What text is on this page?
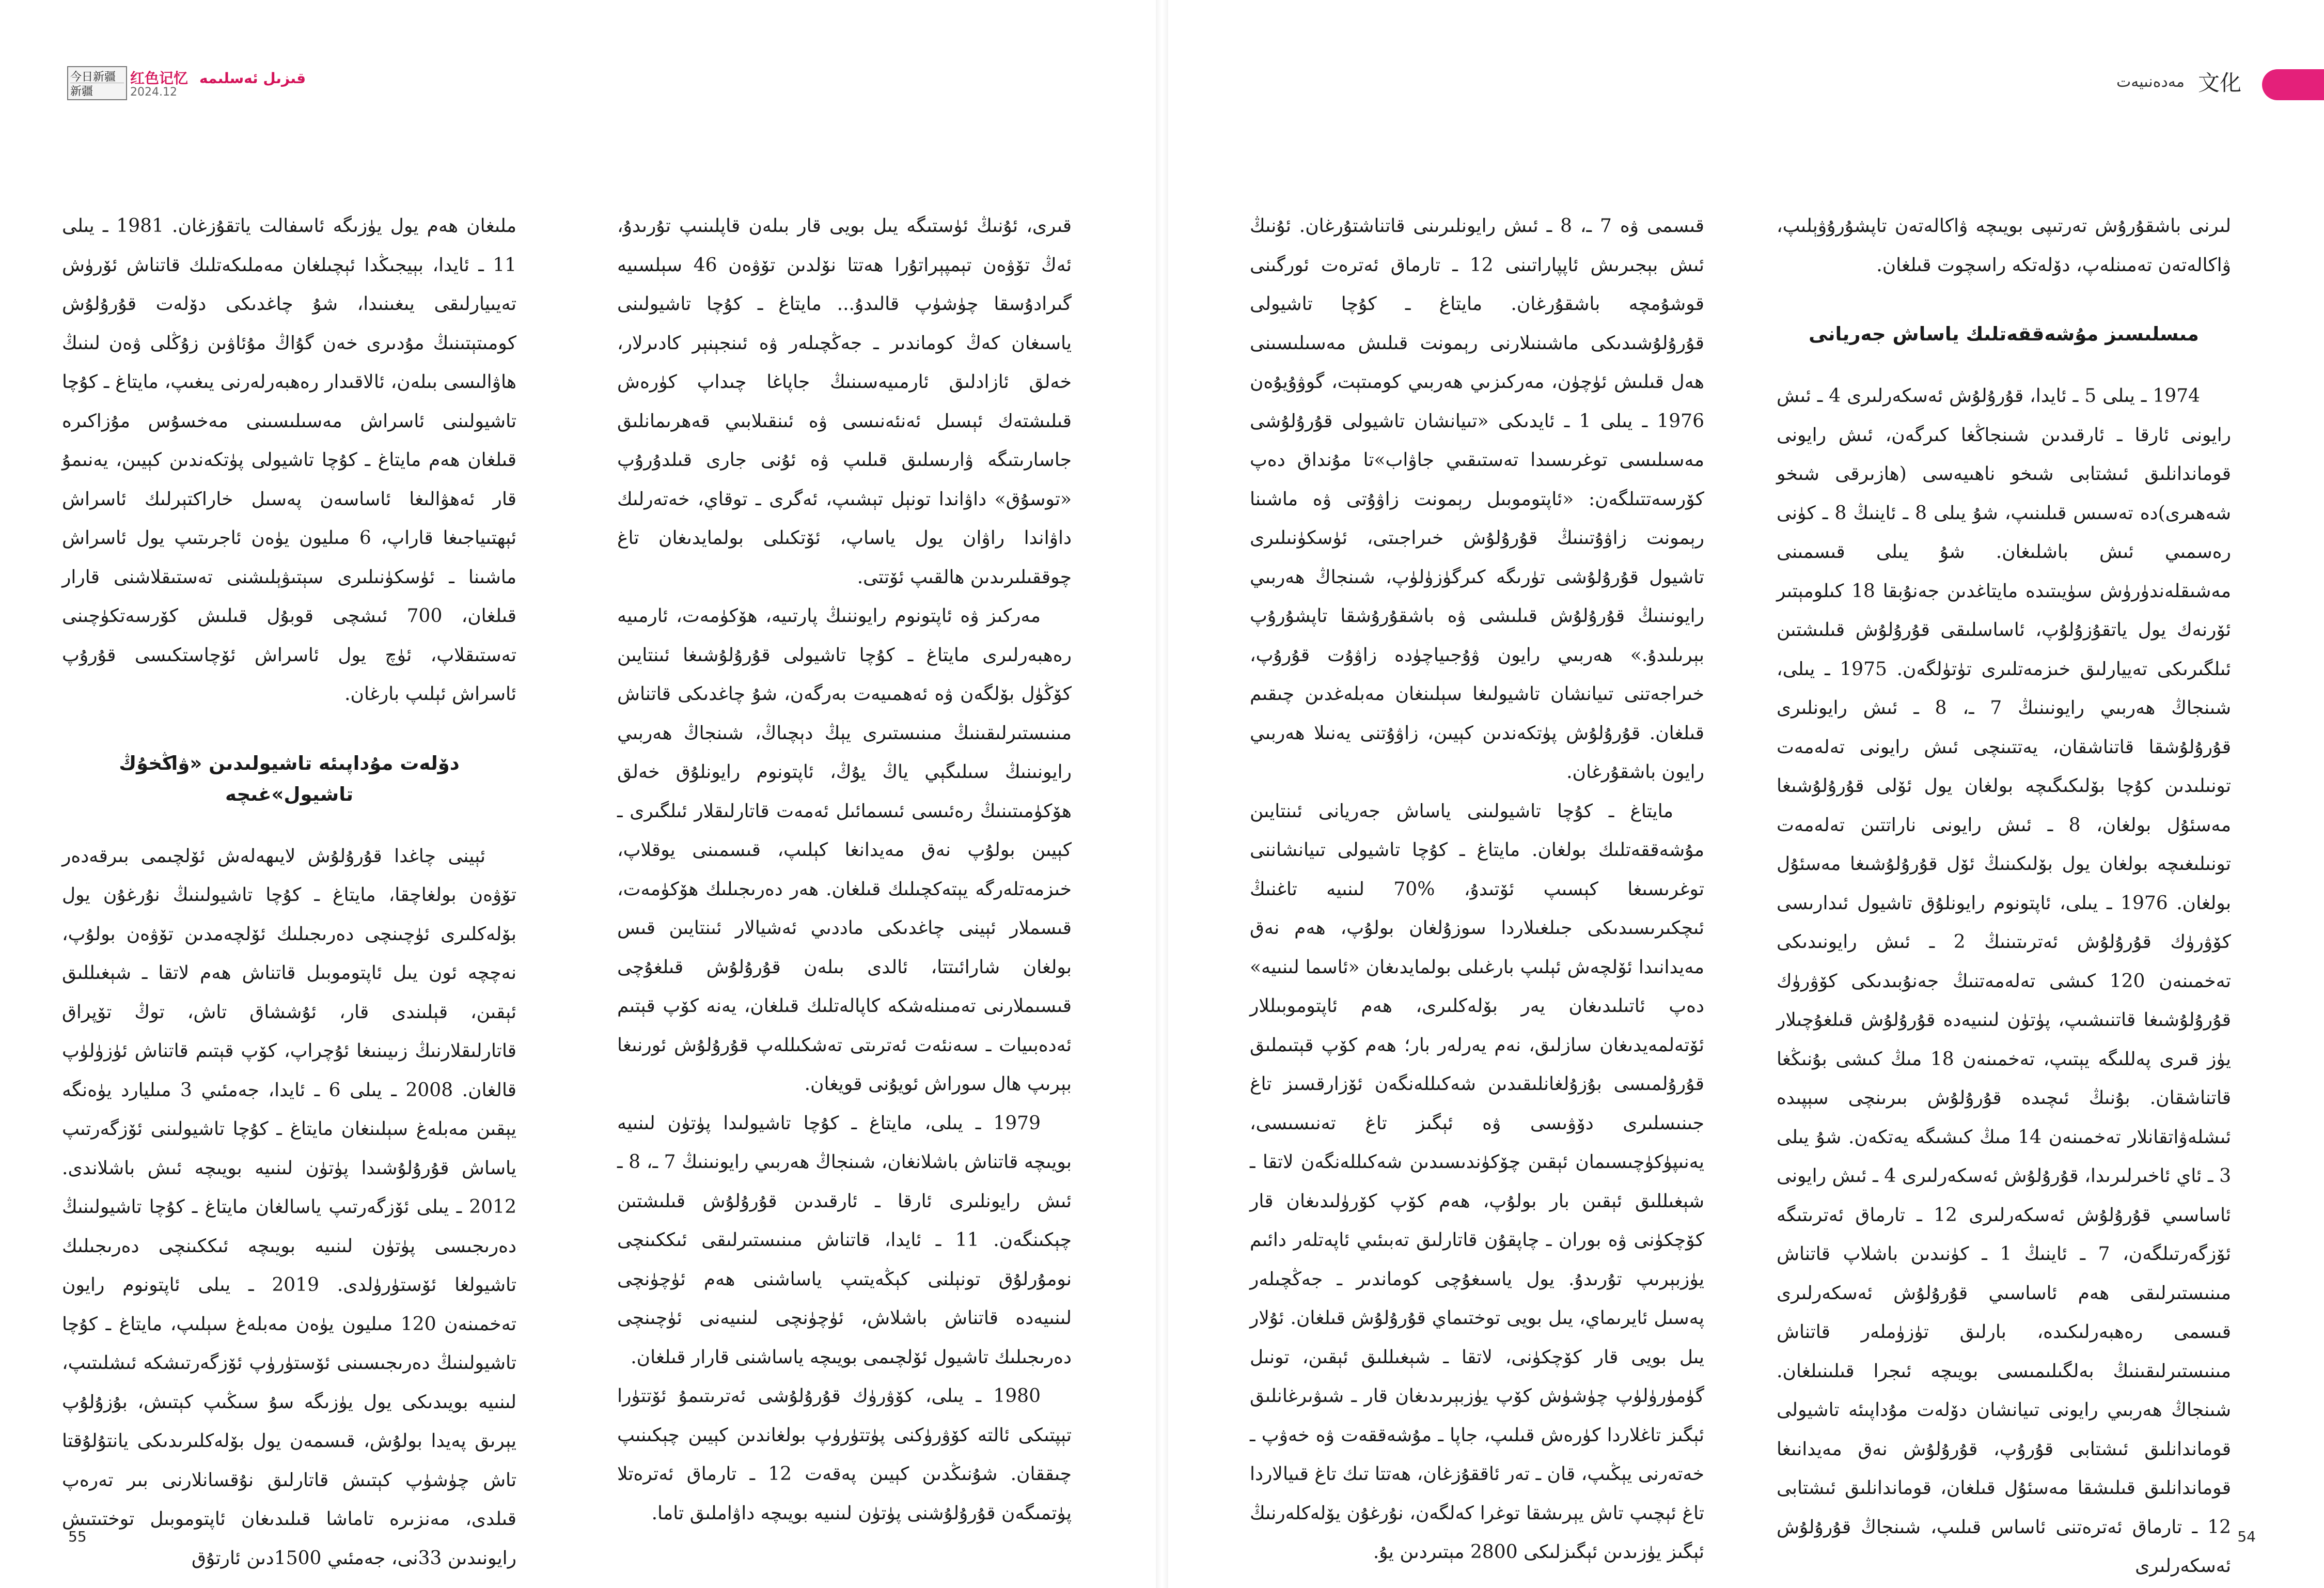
今日新疆
新疆
红色记忆 قىزىل ئەسلىمە
2024.12
مەدەنىيەت 文化

ملىغان ھەم يول يۈزىگە ئاسفالت ياتقۇزغان. 1981 ـ يىلى 11 ـ ئايدا، بېيجىڭدا ئېچىلغان مەملىكەتلىك قاتناش ئۆرۈش تەيىيارلىقى يىغىنىدا، شۇ چاغدىكى دۆلەت قۇرۇلۇش كومىتېتىنىڭ مۇدىرى خەن گۇاڭ مۇئاۋىن زۇڭلى ۋەن لىنىڭ ھاۋالىسى بىلەن، ئالاقىدار رەھبەرلەرنى يىغىپ، مايتاغ ـ كۇچا تاشيولىنى ئاسراش مەسىلىسىنى مەخسۇس مۇزاكىرە قىلغان ھەم مايتاغ ـ كۇچا تاشيولى پۈتكەندىن كېيىن، يەنىمۇ قار ئەھۋالىغا ئاساسەن پەسىل خاراكتېرلىك ئاسراش ئېھتىياجىغا قاراپ، 6 مىليون يۈەن ئاجرىتىپ يول ئاسراش ماشىنا ـ ئۈسكۈنىلىرى سېتىۋېلىشنى تەستىقلاشنى قارار قىلغان، 700 ئىشچى قوبۇل قىلىش كۆرسەتكۈچىنى تەستىقلاپ، ئۈچ يول ئاسراش ئۆچاستكىسى قۇرۇپ ئاسراش ئېلىپ بارغان.

دۆلەت مۇداپىئە تاشيولىدىن «ۋاڭخۇڭ تاشيول»غىچە

ئېينى چاغدا قۇرۇلۇش لايىھەلەش ئۆلچىمى بىرقەدەر تۆۋەن بولغاچقا، مايتاغ ـ كۇچا تاشيولىنىڭ نۇرغۇن يول بۆلەكلىرى ئۈچىنچى دەرىجىلىك ئۆلچەمدىن تۆۋەن بولۇپ، نەچچە ئون يىل ئاپتوموبىل قاتناش ھەم لاتقا ـ شېغىللىق ئېقىن، قېلىندى قار، ئۇششاق تاش، توڭ تۆپراق قاتارلىقلارنىڭ زىيىنىغا ئۇچراپ، كۆپ قېتىم قاتناش ئۈزۈلۈپ قالغان. 2008 ـ يىلى 6 ـ ئايدا، جەمئىي 3 مىليارد يۈەنگە يېقىن مەبلەغ سېلىنغان مايتاغ ـ كۇچا تاشيولىنى ئۆزگەرتىپ ياساش قۇرۇلۇشىدا پۈتۈن لىنىيە بويىچە ئىش باشلاندى. 2012 ـ يىلى ئۆزگەرتىپ ياسالغان مايتاغ ـ كۇچا تاشيولىنىڭ دەرىجىسى پۈتۈن لىنىيە بويىچە ئىككىنچى دەرىجىلىك تاشيولغا ئۆستۈرۈلدى. 2019 ـ يىلى ئاپتونوم رايون تەخمىنەن 120 مىليون يۈەن مەبلەغ سېلىپ، مايتاغ ـ كۇچا تاشيولىنىڭ دەرىجىسىنى ئۆستۈرۈپ ئۆزگەرتىشكە ئىشلىتىپ، لىنىيە بويىدىكى يول يۈزىگە سۇ سىڭىپ كېتىش، بۇزۇلۇپ يېرىق پەيدا بولۇش، قىسمەن يول بۆلەكلىرىدىكى يانتۇلۇقتا تاش چۈشۈپ كېتىش قاتارلىق نۇقسانلارنى بىر تەرەپ قىلدى، مەنزىرە تاماشا قىلىدىغان ئاپتوموبىل توختىتىش رايونىدىن 33نى، جەمئىي 1500دىن ئارتۇق

قىرى، ئۇنىڭ ئۈستىگە يىل بويى قار بىلەن قاپلىنىپ تۇرىدۇ، ئەڭ تۆۋەن تېمپېراتۇرا ھەتتا نۆلدىن تۆۋەن 46 سېلسىيە گىرادۇسقا چۈشۈپ قالىدۇ... مايتاغ ـ كۇچا تاشيولىنى ياسىغان كەڭ كوماندىر ـ جەڭچىلەر ۋە ئىنجېنېر كادىرلار، خەلق ئازادلىق ئارمىيەسىنىڭ جاپاغا چىداپ كۈرەش قىلىشتەك ئېسىل ئەنئەنىسى ۋە ئىنقىلابىي قەھرىمانلىق جاسارىتىگە ۋارىسلىق قىلىپ ۋە ئۇنى جارى قىلدۇرۇپ «توسۇق» داۋاندا تونېل تېشىپ، ئەگرى ـ توقاي، خەتەرلىك داۋاندا راۋان يول ياساپ، ئۆتكىلى بولمايدىغان تاغ چوققىلىرىدىن ھالقىپ ئۆتتى.

مەركىز ۋە ئاپتونوم رايوننىڭ پارتىيە، ھۆكۈمەت، ئارمىيە رەھبەرلىرى مايتاغ ـ كۇچا تاشيولى قۇرۇلۇشىغا ئىنتايىن كۆڭۈل بۆلگەن ۋە ئەھمىيەت بەرگەن، شۇ چاغدىكى قاتناش مىنىستىرلىقىنىڭ مىنىستىرى يېڭ دېچىاڭ، شىنجاڭ ھەربىي رايونىنىڭ سىلىگېي ياڭ يۇڭ، ئاپتونوم رايونلۇق خەلق ھۆكۈمىتىنىڭ رەئىسى ئىسمائىل ئەمەت قاتارلىقلار ئىلگىرى ـ كېيىن بولۇپ نەق مەيدانغا كېلىپ، قىسمىنى يوقلاپ، خىزمەتلەرگە يېتەكچىلىك قىلغان. ھەر دەرىجىلىك ھۆكۈمەت، قىسملار ئېينى چاغدىكى ماددىي ئەشيالار ئىنتايىن قىس بولغان شارائىتتا، ئالدى بىلەن قۇرۇلۇش قىلغۇچى قىسىملارنى تەمىنلەشكە كاپالەتلىك قىلغان، يەنە كۆپ قېتىم ئەدەبىيات ـ سەنئەت ئەترىتى تەشكىللەپ قۇرۇلۇش ئورنىغا بېرىپ ھال سوراش ئويۇنى قويغان.

1979 ـ يىلى، مايتاغ ـ كۇچا تاشيولىدا پۈتۈن لىنىيە بويىچە قاتناش باشلانغان، شىنجاڭ ھەربىي رايونىنىڭ 7 ـ، 8 ـ ئىش رايونلىرى ئارقا ـ ئارقىدىن قۇرۇلۇش قىلىشتىن چېكىنگەن. 11 ـ ئايدا، قاتناش مىنىستىرلىقى ئىككىنچى نومۇرلۇق تونېلنى كېڭەيتىپ ياساشنى ھەم ئۈچۈنچى لىنىيەدە قاتناش باشلاش، ئۈچۈنچى لىنىيەنى ئۈچىنچى دەرىجىلىك تاشيول ئۆلچىمى بويىچە ياساشنى قارار قىلغان.

1980 ـ يىلى، كۆۋرۈك قۇرۇلۇشى ئەترىتىمۇ ئۆتتۈرا تېپتىكى ئالتە كۆۋرۈكنى پۈتتۈرۈپ بولغاندىن كېيىن چېكىنىپ چىققان. شۇنىڭدىن كېيىن پەقەت 12 ـ تارماق ئەترەتلا پۈتمىگەن قۇرۇلۇشنى پۈتۈن لىنىيە بويىچە داۋاملىق تاما.

قىسمى ۋە 7 ـ، 8 ـ ئىش رايونلىرىنى قاتناشتۇرغان. ئۇنىڭ ئىش بېجىرىش ئاپپاراتىنى 12 ـ تارماق ئەترەت ئورگىنى قوشۇمچە باشقۇرغان. مايتاغ ـ كۇچا تاشيولى قۇرۇلۇشىدىكى ماشىنىلارنى رېمونت قىلىش مەسىلىسىنى ھەل قىلىش ئۈچۈن، مەركىزىي ھەربىي كومىتېت، گوۋۇيۇەن 1976 ـ يىلى 1 ـ ئايدىكى «تىيانشان تاشيولى قۇرۇلۇشى مەسىلىسى توغرىسىدا تەستىقىي جاۋاب»تا مۇنداق دەپ كۆرسەتتىلگەن: «ئاپتوموبىل رېمونت زاۋۇتى ۋە ماشىنا رېمونت زاۋۇتىنىڭ قۇرۇلۇش خىراجىتى، ئۈسكۈنىلىرى تاشيول قۇرۇلۇشى تۈرىگە كىرگۈزۈلۈپ، شىنجاڭ ھەربىي رايونىنىڭ قۇرۇلۇش قىلىشى ۋە باشقۇرۇشقا تاپشۇرۇپ بېرىلىدۇ.» ھەربىي رايون ۋۇجىياچۈدە زاۋۇت قۇرۇپ، خىراجەتنى تىيانشان تاشيولىغا سېلىنغان مەبلەغدىن چىقىم قىلغان. قۇرۇلۇش پۈتكەندىن كېيىن، زاۋۇتنى يەنىلا ھەربىي رايون باشقۇرغان.

مايتاغ ـ كۇچا تاشيولىنى ياساش جەريانى ئىنتايىن مۇشەققەتلىك بولغان. مايتاغ ـ كۇچا تاشيولى تىيانشاننى توغرىسىغا كېسىپ ئۆتىدۇ، %70 لىنىيە تاغنىڭ ئىچكىرىسىدىكى جىلغىلاردا سوزۇلغان بولۇپ، ھەم نەق مەيدانىدا ئۆلچەش ئېلىپ بارغىلى بولمايدىغان «ئاسما لىنىيە» دەپ ئاتىلىدىغان يەر بۆلەكلىرى، ھەم ئاپتوموبىللار ئۆتەلمەيدىغان سازلىق، نەم يەرلەر بار؛ ھەم كۆپ قېتىملىق قۇرۇلمىسى بۇزۇلغانلىقىدىن شەكىللەنگەن ئۆزارقسىز تاغ جىنىسلىرى دۆۋىسى ۋە ئېگىز تاغ تەنىسىسى، يەنىپۈكۈچىسىمان ئېقىن چۆكۈندىسىدىن شەكىللەنگەن لاتقا ـ شېغىللىق ئېقىن بار بولۇپ، ھەم كۆپ كۆرۈلىدىغان قار كۆچكۈنى ۋە بوران ـ چاپقۇن قاتارلىق تەبىئىي ئاپەتلەر دائىم يۈزبېرىپ تۇرىدۇ. يول ياسىغۇچى كوماندىر ـ جەڭچىلەر پەسىل ئايرىماي، يىل بويى توختىماي قۇرۇلۇش قىلغان. ئۇلار يىل بويى قار كۆچكۈنى، لاتقا ـ شېغىللىق ئېقىن، تونىل گۈمۈرۈلۈپ چۈشۈش كۆپ يۈزبېرىدىغان قار ـ شىۋىرغانلىق ئېگىز تاغلاردا كۈرەش قىلىپ، جاپا ـ مۇشەققەت ۋە خەۋپ ـ خەتەرنى يېڭىپ، قان ـ تەر ئاققۇزغان، ھەتتا تىك تاغ قىيالاردا تاغ ئېچىپ تاش يېرىشقا توغرا كەلگەن، نۇرغۇن يۆلەكلەرنىڭ ئېگىز يۈزىدىن ئېگىزلىكى 2800 مېتىردىن يۇ.

لىرنى باشقۇرۇش تەرتىپى بويىچە ۋاكالەتەن تاپشۇرۇۋېلىپ، ۋاكالەتەن تەمىنلەپ، دۆلەتكە راسچوت قىلغان.

مىسلىسىز مۇشەققەتلىك ياساش جەريانى

1974 ـ يىلى 5 ـ ئايدا، قۇرۇلۇش ئەسكەرلىرى 4 ـ ئىش رايونى ئارقا ـ ئارقىدىن شىنجاڭغا كىرگەن، ئىش رايونى قوماندانلىق ئىشتابى شىخو ناھىيەسى (ھازىرقى شىخو شەھىرى)دە تەسىس قىلىنىپ، شۇ يىلى 8 ـ ئاينىڭ 8 ـ كۈنى رەسمىي ئىش باشلىغان. شۇ يىلى قىسمىنى مەشىقلەندۈرۈش سۈيىتىدە مايتاغدىن جەنۇبقا 18 كىلومېتىر ئۆرنەك يول ياتقۇزۇلۇپ، ئاساسلىقى قۇرۇلۇش قىلىشتىن ئىلگىرىكى تەييارلىق خىزمەتلىرى تۈتۈلگەن. 1975 ـ يىلى، شىنجاڭ ھەربىي رايونىنىڭ 7 ـ، 8 ـ ئىش رايونلىرى قۇرۇلۇشقا قاتناشقان، يەتتىنچى ئىش رايونى تەلەمەت تونىلىدىن كۇچا بۆلىكىگىچە بولغان يول ئۆلى قۇرۇلۇشىغا مەسئۇل بولغان، 8 ـ ئىش رايونى ناراتتىن تەلەمەت تونىلىغىچە بولغان يول بۆلىكىنىڭ ئۆل قۇرۇلۇشىغا مەسئۇل بولغان. 1976 ـ يىلى، ئاپتونوم رايونلۇق تاشيول ئىدارىسى كۆۋرۈك قۇرۇلۇش ئەترىتىنىڭ 2 ـ ئىش رايونىدىكى تەخمىنەن 120 كىشى تەلەمەتنىڭ جەنۇبىدىكى كۆۋرۈك قۇرۇلۇشىغا قاتنىشىپ، پۈتۈن لىنىيەدە قۇرۇلۇش قىلغۇچىلار يۈز قىرى پەللىگە يېتىپ، تەخمىنەن 18 مىڭ كىشى بۇنىڭغا قاتناشقان. بۇنىڭ ئىچىدە قۇرۇلۇش بىرىنچى سېپىدە ئىشلەۋاتقانلار تەخمىنەن 14 مىڭ كىشىگە يەتكەن. شۇ يىلى 3 ـ ئاي ئاخىرلىرىدا، قۇرۇلۇش ئەسكەرلىرى 4 ـ ئىش رايونى ئاساسىي قۇرۇلۇش ئەسكەرلىرى 12 ـ تارماق ئەترىتىگە ئۆزگەرتىلگەن، 7 ـ ئاينىڭ 1 ـ كۈنىدىن باشلاپ قاتناش مىنىستىرلىقى ھەم ئاساسىي قۇرۇلۇش ئەسكەرلىرى قىسمى رەھبەرلىكىدە، بارلىق تۈزۈملەر قاتناش مىنىستىرلىقىنىڭ بەلگىلىمىسى بويىچە ئىجرا قىلىنىلغان. شىنجاڭ ھەربىي رايونى تىيانشان دۆلەت مۇداپىئە تاشيولى قوماندانلىق ئىشتابى قۇرۇپ، قۇرۇلۇش نەق مەيدانىغا قوماندانلىق قىلىشقا مەسئۇل قىلغان، قوماندانلىق ئىشتابى 12 ـ تارماق ئەترەتنى ئاساس قىلىپ، شىنجاڭ قۇرۇلۇش ئەسكەرلىرى

55	54
